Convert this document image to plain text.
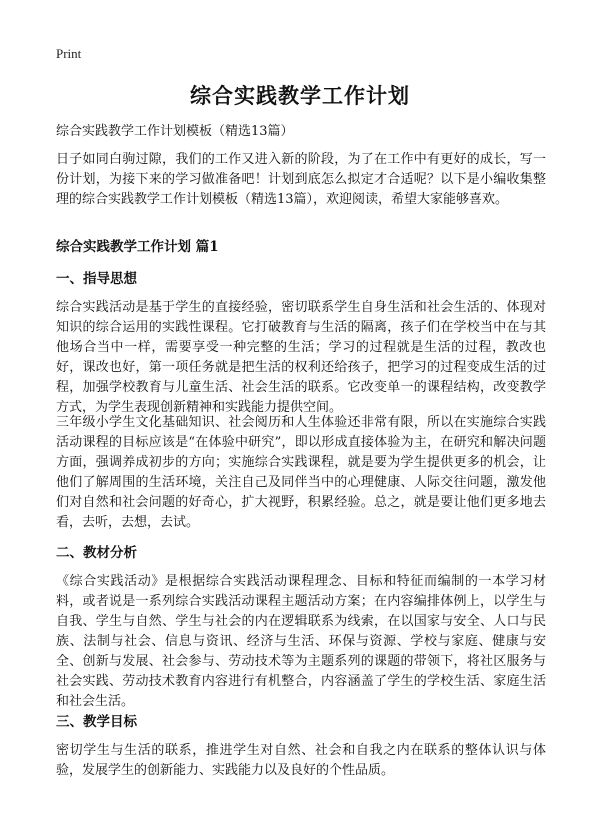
Print
综合实践教学工作计划

综合实践教学工作计划模板（精选13篇）

日子如同白驹过隙，我们的工作又进入新的阶段，为了在工作中有更好的成长，写一份计划，为接下来的学习做准备吧！计划到底怎么拟定才合适呢？以下是小编收集整理的综合实践教学工作计划模板（精选13篇），欢迎阅读，希望大家能够喜欢。

综合实践教学工作计划 篇1
一、指导思想

综合实践活动是基于学生的直接经验，密切联系学生自身生活和社会生活的、体现对知识的综合运用的实践性课程。它打破教育与生活的隔离，孩子们在学校当中在与其他场合当中一样，需要享受一种完整的生活；学习的过程就是生活的过程，教改也好，课改也好，第一项任务就是把生活的权利还给孩子，把学习的过程变成生活的过程，加强学校教育与儿童生活、社会生活的联系。它改变单一的课程结构，改变教学方式，为学生表现创新精神和实践能力提供空间。

三年级小学生文化基础知识、社会阅历和人生体验还非常有限，所以在实施综合实践活动课程的目标应该是“在体验中研究”，即以形成直接体验为主，在研究和解决问题方面，强调养成初步的方向；实施综合实践课程，就是要为学生提供更多的机会，让他们了解周围的生活环境，关注自己及同伴当中的心理健康、人际交往问题，激发他们对自然和社会问题的好奇心，扩大视野，积累经验。总之，就是要让他们更多地去看，去听，去想，去试。

二、教材分析

《综合实践活动》是根据综合实践活动课程理念、目标和特征而编制的一本学习材料，或者说是一系列综合实践活动课程主题活动方案；在内容编排体例上，以学生与自我、学生与自然、学生与社会的内在逻辑联系为线索，在以国家与安全、人口与民族、法制与社会、信息与资讯、经济与生活、环保与资源、学校与家庭、健康与安全、创新与发展、社会参与、劳动技术等为主题系列的课题的带领下，将社区服务与社会实践、劳动技术教育内容进行有机整合，内容涵盖了学生的学校生活、家庭生活和社会生活。

三、教学目标

密切学生与生活的联系，推进学生对自然、社会和自我之内在联系的整体认识与体验，发展学生的创新能力、实践能力以及良好的个性品质。
